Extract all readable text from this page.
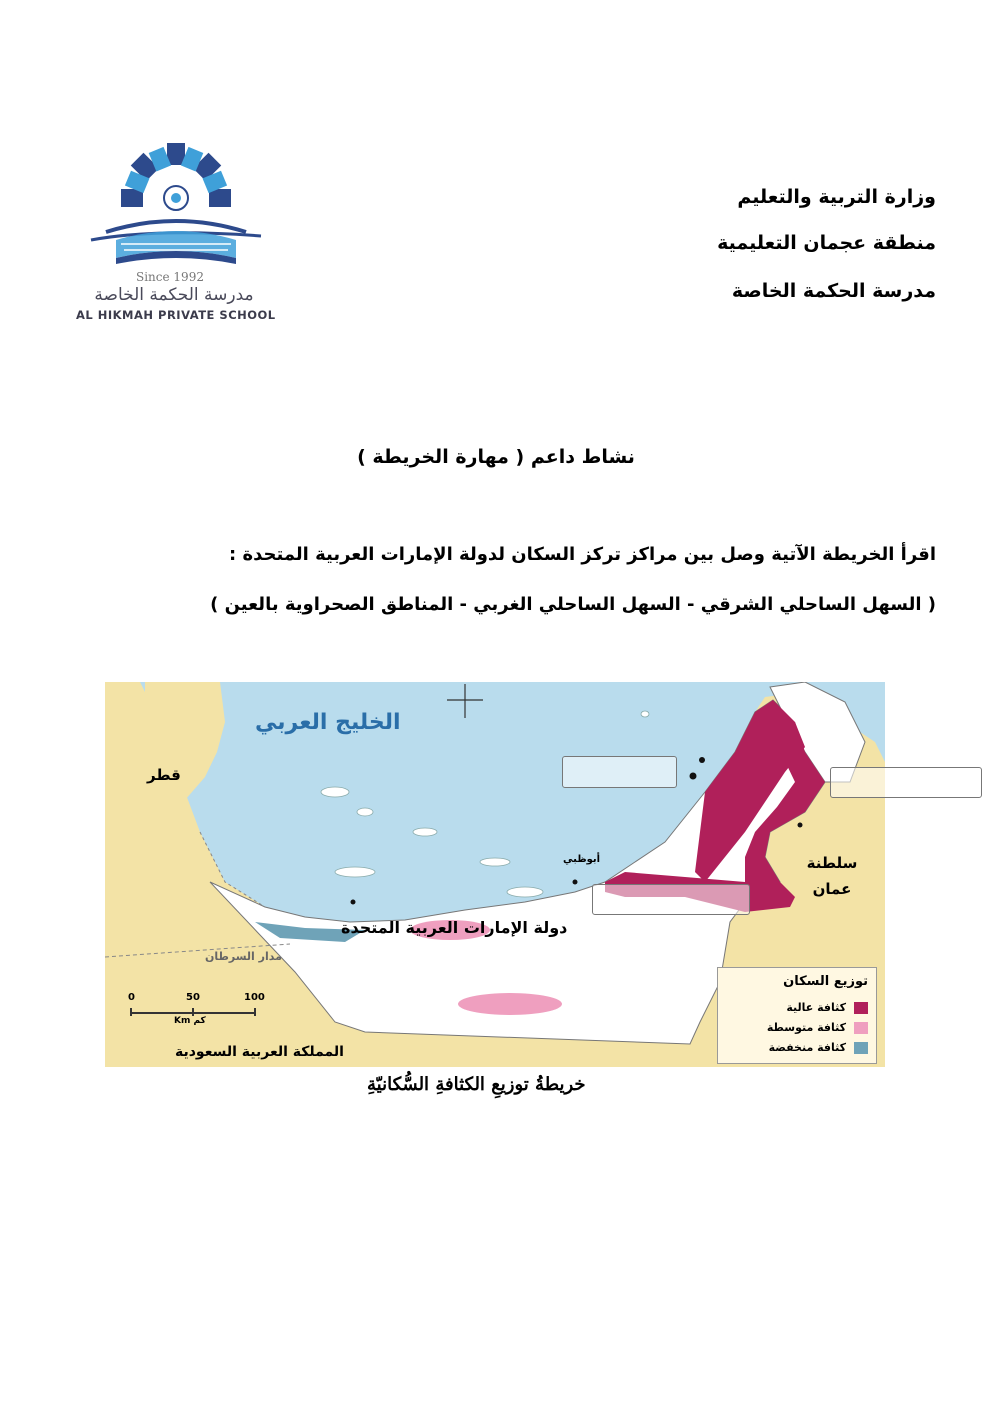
وزارة التربية والتعليم
منطقة عجمان التعليمية
مدرسة الحكمة الخاصة
Since 1992
مدرسة الحكمة الخاصة
AL HIKMAH PRIVATE SCHOOL
نشاط داعم ( مهارة الخريطة )
اقرأ الخريطة الآتية وصل بين مراكز تركز السكان لدولة الإمارات العربية المتحدة :
( السهل الساحلي الشرقي - السهل الساحلي الغربي - المناطق الصحراوية بالعين )
الخليج العربي
قطر
سلطنة عمان
دولة الإمارات العربية المتحدة
المملكة العربية السعودية
مدار السرطان
أبوظبي
0	50	100
Km كم
توزيع السكان
كثافة عالية
كثافة متوسطة
كثافة منخفضة
خريطةُ توزيعِ الكثافةِ السُّكانيّةِ
